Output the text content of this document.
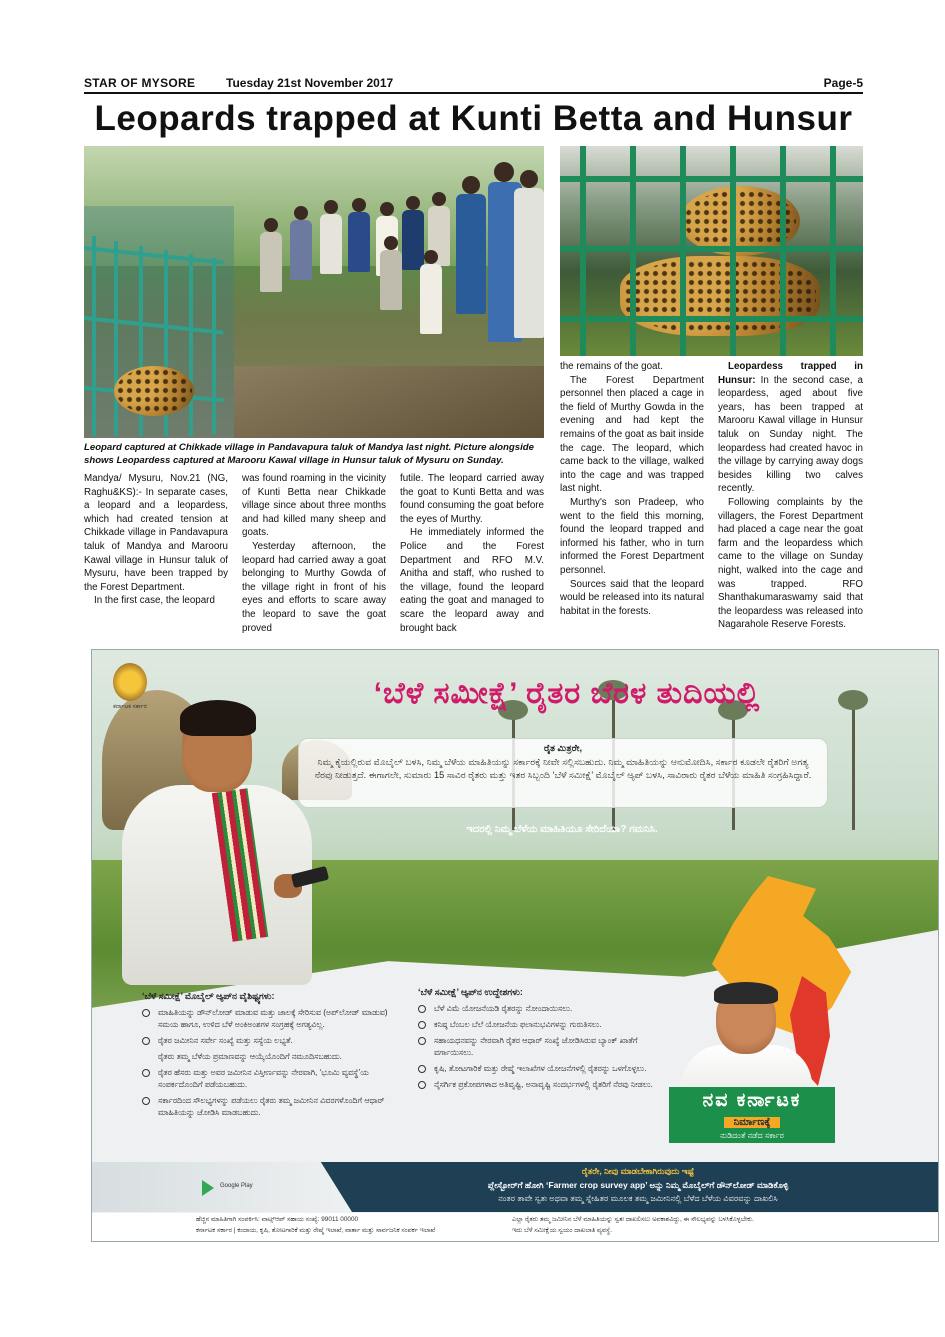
STAR OF MYSORE	Tuesday 21st November 2017	Page-5
Leopards trapped at Kunti Betta and Hunsur
Leopard captured at Chikkade village in Pandavapura taluk of Mandya last night. Picture alongside shows Leopardess captured at Marooru Kawal village in Hunsur taluk of Mysuru on Sunday.

Mandya/ Mysuru, Nov.21 (NG, Raghu&KS):- In separate cases, a leopard and a leopardess, which had created tension at Chikkade village in Pandavapura taluk of Mandya and Marooru Kawal village in Hunsur taluk of Mysuru, have been trapped by the Forest Department.

In the first case, the leopard

was found roaming in the vicinity of Kunti Betta near Chikkade village since about three months and had killed many sheep and goats.

Yesterday afternoon, the leopard had carried away a goat belonging to Murthy Gowda of the village right in front of his eyes and efforts to scare away the leopard to save the goat proved

futile. The leopard carried away the goat to Kunti Betta and was found consuming the goat before the eyes of Murthy.

He immediately informed the Police and the Forest Department and RFO M.V. Anitha and staff, who rushed to the village, found the leopard eating the goat and managed to scare the leopard away and brought back

the remains of the goat.

The Forest Department personnel then placed a cage in the field of Murthy Gowda in the evening and had kept the remains of the goat as bait inside the cage. The leopard, which came back to the village, walked into the cage and was trapped last night.

Murthy's son Pradeep, who went to the field this morning, found the leopard trapped and informed his father, who in turn informed the Forest Department personnel.

Sources said that the leopard would be released into its natural habitat in the forests.

Leopardess trapped in Hunsur: In the second case, a leopardess, aged about five years, has been trapped at Marooru Kawal village in Hunsur taluk on Sunday night. The leopardess had created havoc in the village by carrying away dogs besides killing two calves recently.

Following complaints by the villagers, the Forest Department had placed a cage near the goat farm and the leopardess which came to the village on Sunday night, walked into the cage and was trapped. RFO Shanthakumaraswamy said that the leopardess was released into Nagarahole Reserve Forests.

ಕರ್ನಾಟಕ ಸರ್ಕಾರ	‘ಬೆಳೆ ಸಮೀಕ್ಷೆ’ ರೈತರ ಬೆರಳ ತುದಿಯಲ್ಲಿ
ರೈತ ಮಿತ್ರರೇ,
ನಿಮ್ಮ ಕೈಯಲ್ಲಿರುವ ಮೊಬೈಲ್ ಬಳಸಿ, ನಿಮ್ಮ ಬೆಳೆಯ ಮಾಹಿತಿಯನ್ನು ಸರ್ಕಾರಕ್ಕೆ ನೀವೇ ಸಲ್ಲಿಸಬಹುದು. ನಿಮ್ಮ ಮಾಹಿತಿಯನ್ನು ಆನುಮೋದಿಸಿ, ಸರ್ಕಾರ ಕೂಡಲೇ ರೈತರಿಗೆ ಅಗತ್ಯ ನೆರವು ನೀಡುತ್ತದೆ. ಈಗಾಗಲೇ, ಸುಮಾರು 15 ಸಾವಿರ ರೈತರು ಮತ್ತು ಇತರ ಸಿಬ್ಬಂದಿ ‘ಬೆಳೆ ಸಮೀಕ್ಷೆ’ ಮೊಬೈಲ್ ಆ್ಯಪ್ ಬಳಸಿ, ಸಾವಿರಾರು ರೈತರ ಬೆಳೆಯ ಮಾಹಿತಿ ಸಂಗ್ರಹಿಸಿದ್ದಾರೆ.
ಇದರಲ್ಲಿ ನಿಮ್ಮ ಬೆಳೆಯ ಮಾಹಿತಿಯೂ ಸೇರಿದೆಯಾ? ಗಮನಿಸಿ.
‘ಬೆಳೆ ಸಮೀಕ್ಷೆ’ ಮೊಬೈಲ್ ಆ್ಯಪ್‌ನ ವೈಶಿಷ್ಟ್ಯಗಳು:
ಮಾಹಿತಿಯನ್ನು ಡೌನ್‌ಲೋಡ್ ಮಾಡುವ ಮತ್ತು ಜಾಲಕ್ಕೆ ಸೇರಿಸುವ (ಅಪ್‌ಲೋಡ್ ಮಾಡುವ) ಸಮಯ ಹಾಗೂ, ಉಳಿದ ಬೆಳೆ ಅಂಕಿಅಂಶಗಳ ಸಂಗ್ರಹಕ್ಕೆ ಅಗತ್ಯವಿಲ್ಲ.
ರೈತರ ಜಮೀನಿನ ಸರ್ವೇ ಸಂಖ್ಯೆ ಮತ್ತು ಸಸ್ಯೆಯ ಲಭ್ಯತೆ.
ರೈತರು ತಮ್ಮ ಬೆಳೆಯ ಪ್ರಮಾಣವನ್ನು ಆಯ್ಕೆಯೊಂದಿಗೆ ನಮೂದಿಸಬಹುದು.
ರೈತರ ಹೆಸರು ಮತ್ತು ಅವರ ಜಮೀನಿನ ವಿಸ್ತೀರ್ಣವನ್ನು ನೇರವಾಗಿ, ‘ಭೂಮಿ ವ್ಯವಸ್ಥೆ’ಯ ಸಂಪರ್ಕದೊಂದಿಗೆ ಪಡೆಯಬಹುದು.
ಸರ್ಕಾರದಿಂದ ಸೌಲಭ್ಯಗಳನ್ನು ಪಡೆಯಲು ರೈತರು ತಮ್ಮ ಜಮೀನಿನ ವಿವರಗಳೊಂದಿಗೆ ಆಧಾರ್ ಮಾಹಿತಿಯನ್ನು ಜೋಡಿಸಿ ಮಾಡಬಹುದು.
‘ಬೆಳೆ ಸಮೀಕ್ಷೆ’ ಆ್ಯಪ್‌ನ ಉದ್ದೇಶಗಳು:
ಬೆಳೆ ವಿಮೆ ಯೋಜನೆಯಡಿ ರೈತರನ್ನು ನೋಂದಾಯಿಸಲು.
ಕನಿಷ್ಠ ಬೆಂಬಲ ಬೆಲೆ ಯೋಜನೆಯ ಫಲಾನುಭವಿಗಳನ್ನು ಗುರುತಿಸಲು.
ಸಹಾಯಧನವನ್ನು ನೇರವಾಗಿ ರೈತರ ಆಧಾರ್ ಸಂಖ್ಯೆ ಜೋಡಿಸಿರುವ ಬ್ಯಾಂಕ್ ಖಾತೆಗೆ ವರ್ಗಾಯಿಸಲು.
ಕೃಷಿ, ತೋಟಗಾರಿಕೆ ಮತ್ತು ರೇಷ್ಮೆ ಇಲಾಖೆಗಳ ಯೋಜನೆಗಳಲ್ಲಿ ರೈತರನ್ನು ಒಳಗೊಳ್ಳಲು.
ನೈಸರ್ಗಿಕ ಪ್ರಕೋಪಗಳಾದ ಅತಿವೃಷ್ಟಿ, ಅನಾವೃಷ್ಟಿ ಸಂದರ್ಭಗಳಲ್ಲಿ ರೈತರಿಗೆ ನೆರವು ನೀಡಲು.
ನವ ಕರ್ನಾಟಕ
ನಿರ್ಮಾಣಕ್ಕೆ
ನುಡಿದಂತೆ ನಡೆದ ಸರ್ಕಾರ
Google Play
ರೈತರೇ, ನೀವು ಮಾಡಬೇಕಾಗಿರುವುದು ಇಷ್ಟೆ
ಪ್ಲೇಸ್ಟೋರ್‌ಗೆ ಹೋಗಿ ‘Farmer crop survey app’ ಅನ್ನು ನಿಮ್ಮ ಮೊಬೈಲ್‌ಗೆ ಡೌನ್‌ಲೋಡ್ ಮಾಡಿಕೊಳ್ಳಿ
ನಂತರ ತಾವೇ ಸ್ವತಃ ಅಥವಾ ತಮ್ಮ ಸ್ನೇಹಿತರ ಮೂಲಕ ತಮ್ಮ ಜಮೀನಿನಲ್ಲಿ ಬೆಳೆದ ಬೆಳೆಯ ವಿವರವನ್ನು ದಾಖಲಿಸಿ
ಹೆಚ್ಚಿನ ಮಾಹಿತಿಗಾಗಿ ಸಂಪರ್ಕಿಸಿ: ವಾಟ್ಸ್‌ಆಪ್ ಸಹಾಯ ಸಂಖ್ಯೆ: 99011 00000
ಕರ್ನಾಟಕ ಸರ್ಕಾರ | ಕಂದಾಯ, ಕೃಷಿ, ತೋಟಗಾರಿಕೆ ಮತ್ತು ರೇಷ್ಮೆ ಇಲಾಖೆ, ವಾರ್ತಾ ಮತ್ತು ಸಾರ್ವಜನಿಕ ಸಂಪರ್ಕ ಇಲಾಖೆ
ಎಲ್ಲಾ ರೈತರು ತಮ್ಮ ಜಮೀನಿನ ಬೆಳೆ ಮಾಹಿತಿಯನ್ನು ಸ್ವತಃ ದಾಖಲಿಸಲು ಅವಕಾಶವಿದ್ದು, ಈ ಸೌಲಭ್ಯವನ್ನು ಬಳಸಿಕೊಳ್ಳಬೇಕು.
ಇದು ಬೆಳೆ ಸಮೀಕ್ಷೆಯ ಸ್ವಯಂ ದಾಖಲಾತಿ ವ್ಯವಸ್ಥೆ.
